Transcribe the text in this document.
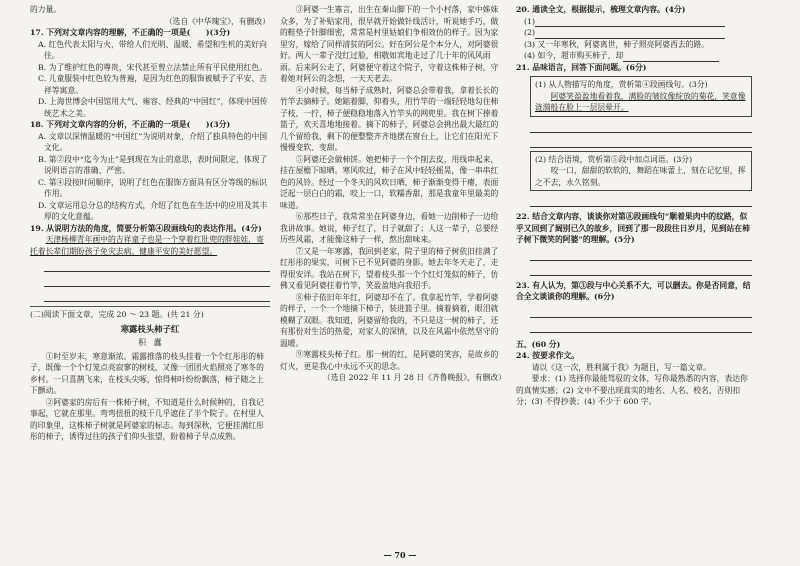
的力量。

（选自《中华瑰宝》，有删改）

17. 下列对文章内容的理解，不正确的一项是(　　)(3分)

A. 红色代表太阳与火，带给人们光明、温暖、希望和生机的美好向往。

B. 为了维护红色的尊贵，宋代甚至曾立法禁止所有平民使用红色。

C. 儿童服装中红色较为普遍，是因为红色的服饰被赋予了平安、吉祥等寓意。

D. 上海世博会中国馆用大气、雍容、经典的“中国红”，体现中国传统艺术之美。

18. 下列对文章内容的分析，不正确的一项是(　　)(3分)

A. 文章以深情温暖的“中国红”为说明对象，介绍了独具特色的中国文化。

B. 第②段中“迄今为止”是到现在为止的意思，表时间限定，体现了说明语言的准确、严密。

C. 第④段按时间顺序，说明了红色在服饰方面具有区分等级的标识作用。

D. 文章运用总分总的结构方式，介绍了红色在生活中的应用及其丰厚的文化意蕴。

19. 从说明方法的角度，简要分析第④段画线句的表达作用。(4分)

天津杨柳青年画中的吉祥童子也是一个穿着红肚兜的胖娃娃，寄托着长辈们期盼孩子免灾去病、健康平安的美好愿望。

(二)阅读下面文章，完成 20 ～ 23 题。(共 21 分)

寒露枝头柿子红

积　蠹

①时至岁末，寒意渐浓。霜露推落的枝头挂着一个个红彤彤的柿子，既像一个个灯笼点亮寂寥的树枝，又像一团团火焰照亮了寒冬的乡村。一只喜鹊飞来，在枝头尖啄，惊得柿叶纷纷飘落，柿子随之上下颤动。

②阿婆家的房后有一株柿子树，不知道是什么时候种的，自我记事起，它就在那里。弯弯扭扭的枝干几乎遮住了半个院子。在村里人的印象里，这株柿子树就是阿婆家的标志。每到深秋，它便挂满红彤彤的柿子，诱得过往的孩子们仰头张望，盼着柿子早点成熟。

③阿婆一生寡言，出生在秦山脚下的一个小村落，家中姊妹众多，为了补贴家用，很早就开始做针线活计，听说她手巧，做的鞋垫子针脚细密，常常是村里姑娘们争相效仿的样子。因为家里穷，嫁给了同样清贫的阿公。好在阿公是个本分人，对阿婆很好。两人一辈子没红过脸，相敬如宾地走过了几十年的风风雨雨。后来阿公走了，阿婆便守着这个院子，守着这株柿子树，守着她对阿公的念想，一天天老去。

④小时候，每当柿子成熟时，阿婆总会带着我，拿着长长的竹竿去摘柿子。她踮着脚，仰着头，用竹竿的一端轻轻地勾住柿子枝，一拧，柿子便稳稳地落入竹竿头的网兜里。我在树下捧着篮子，欢天喜地地接着。摘下的柿子，阿婆总会挑出最大最红的几个留给我，剩下的便整整齐齐地摆在窗台上，让它们在阳光下慢慢变软、变甜。

⑤阿婆还会做柿饼。她把柿子一个个削去皮，用线串起来，挂在屋檐下晾晒。寒风吹过，柿子在风中轻轻摇晃，像一串串红色的风铃。经过一个冬天的风吹日晒，柿子渐渐变得干瘪，表面泛起一层白白的霜，咬上一口，软糯香甜，那是我童年里最美的味道。

⑥那些日子，我常常坐在阿婆身边，看她一边削柿子一边给我讲故事。她说，柿子红了，日子就甜了；人这一辈子，总要经历些风霜，才能像这柿子一样，熬出甜味来。

⑦又是一年寒露，我回到老家，院子里的柿子树依旧挂满了红彤彤的果实，可树下已不见阿婆的身影。她去年冬天走了，走得很安详。我站在树下，望着枝头那一个个红灯笼似的柿子，仿佛又看见阿婆拄着竹竿，笑盈盈地向我招手。

⑧柿子依旧年年红，阿婆却不在了。我拿起竹竿，学着阿婆的样子，一个一个地摘下柿子，装进篮子里。摘着摘着，眼泪就模糊了双眼。我知道，阿婆留给我的，不只是这一树的柿子，还有那份对生活的热爱，对家人的深情，以及在风霜中依然坚守的温暖。

⑨寒露枝头柿子红。那一树的红，是阿婆的笑容，是故乡的灯火，更是我心中永远不灭的思念。

（选自 2022 年 11 月 28 日《齐鲁晚报》，有删改）

20. 通读全文，根据提示，梳理文章内容。(4分)

(1)

(2)

(3) 又一年寒秋，阿婆离世，柿子照亮阿婆西去的路。

(4) 如今，超市购买柿子，却

21. 品味语言，回答下面问题。(6分)

(1) 从人物描写的角度，赏析第④段画线句。(3分)

阿婆笑盈盈地看着我，满脸的皱纹像绽放的菊花，笑意像涟漪般在脸上一层层晕开。

(2) 结合语境，赏析第⑤段中加点词语。(3分)

咬一口，甜甜的软软的，舞蹈在味蕾上，刻在记忆里，挥之不去，永久铭刻。

22. 结合文章内容，谈谈你对第⑧段画线句“顺着果肉中的纹路，似乎又回到了阔别已久的故乡，回到了那一段段往日岁月，见到站在柿子树下微笑的阿婆”的理解。(5分)

23. 有人认为，第③段与中心关系不大，可以删去。你是否同意，结合全文谈谈你的理解。(6分)

五、(60 分)

24. 按要求作文。

请以《这一次，胜利属于我》为题目，写一篇文章。

要求：(1) 选择你最能驾驭的文体，写你最熟悉的内容，表达你的真情实感；(2) 文中不要出现真实的地名、人名、校名，否则扣分；(3) 不得抄袭；(4) 不少于 600 字。

— 70 —
